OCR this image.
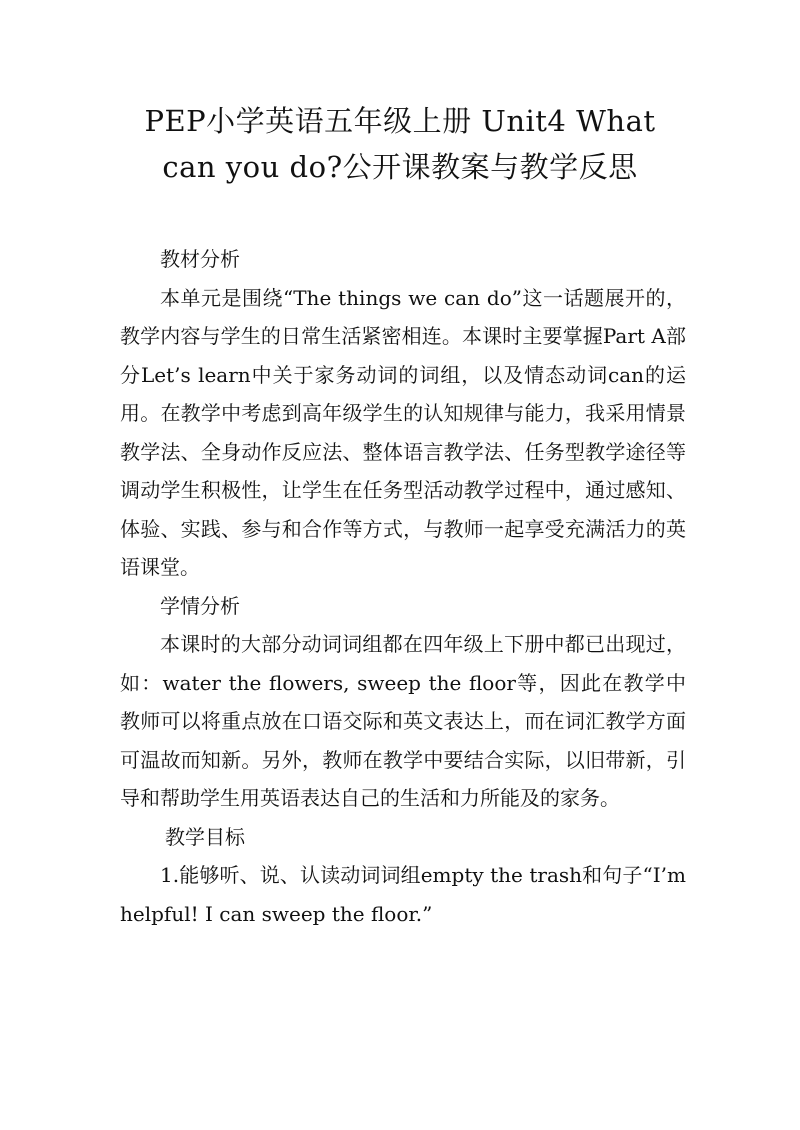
PEP小学英语五年级上册 Unit4 What
can you do?公开课教案与教学反思
教材分析

本单元是围绕“The things we can do”这一话题展开的，教学内容与学生的日常生活紧密相连。本课时主要掌握Part A部分Let’s learn中关于家务动词的词组，以及情态动词can的运用。在教学中考虑到高年级学生的认知规律与能力，我采用情景教学法、全身动作反应法、整体语言教学法、任务型教学途径等调动学生积极性，让学生在任务型活动教学过程中，通过感知、体验、实践、参与和合作等方式，与教师一起享受充满活力的英语课堂。

学情分析

本课时的大部分动词词组都在四年级上下册中都已出现过，如：water the flowers, sweep the floor等，因此在教学中教师可以将重点放在口语交际和英文表达上，而在词汇教学方面可温故而知新。另外，教师在教学中要结合实际，以旧带新，引导和帮助学生用英语表达自己的生活和力所能及的家务。

教学目标

1.能够听、说、认读动词词组empty the trash和句子“I’m helpful! I can sweep the floor.”
